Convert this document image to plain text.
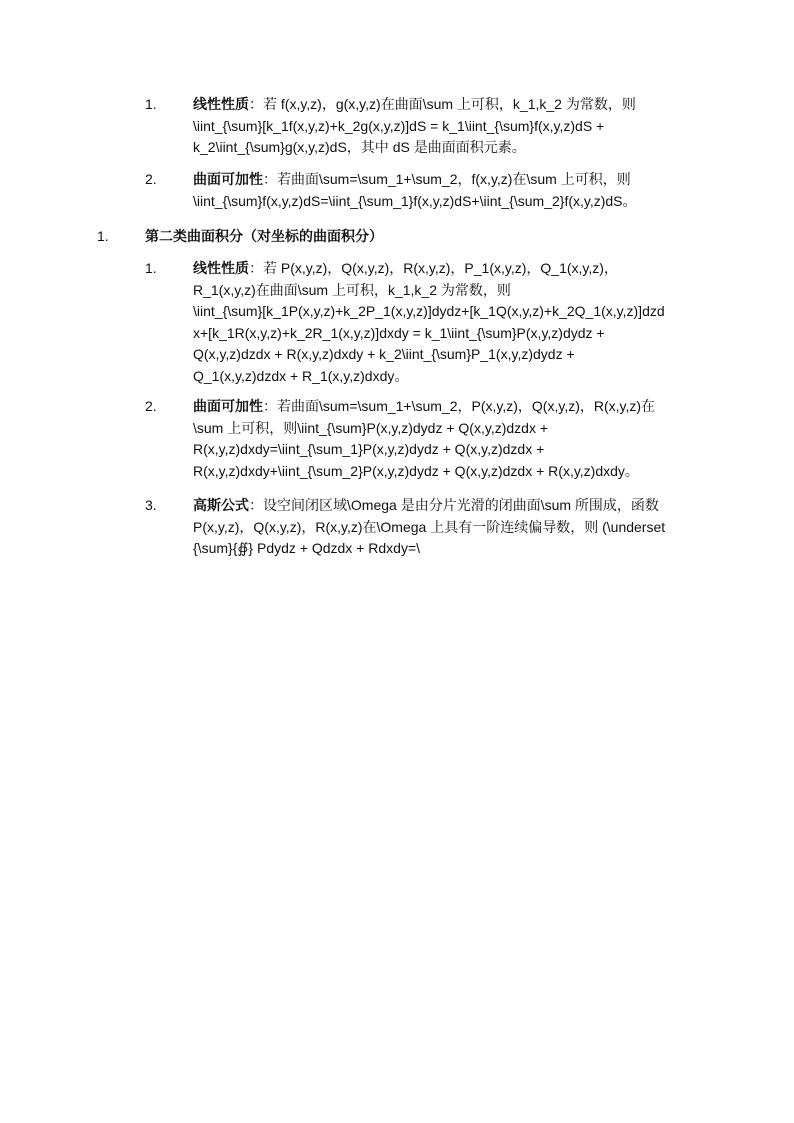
1.	线性性质：若 f(x,y,z)，g(x,y,z)在曲面\sum 上可积，k_1,k_2 为常数，则
\iint_{\sum}[k_1f(x,y,z)+k_2g(x,y,z)]dS = k_1\iint_{\sum}f(x,y,z)dS +
k_2\iint_{\sum}g(x,y,z)dS，其中 dS 是曲面面积元素。
2.	曲面可加性：若曲面\sum=\sum_1+\sum_2，f(x,y,z)在\sum 上可积，则
\iint_{\sum}f(x,y,z)dS=\iint_{\sum_1}f(x,y,z)dS+\iint_{\sum_2}f(x,y,z)dS。
1.	第二类曲面积分（对坐标的曲面积分）
1.	线性性质：若 P(x,y,z)，Q(x,y,z)，R(x,y,z)，P_1(x,y,z)，Q_1(x,y,z)，
R_1(x,y,z)在曲面\sum 上可积，k_1,k_2 为常数，则
\iint_{\sum}[k_1P(x,y,z)+k_2P_1(x,y,z)]dydz+[k_1Q(x,y,z)+k_2Q_1(x,y,z)]dzd
x+[k_1R(x,y,z)+k_2R_1(x,y,z)]dxdy = k_1\iint_{\sum}P(x,y,z)dydz +
Q(x,y,z)dzdx + R(x,y,z)dxdy + k_2\iint_{\sum}P_1(x,y,z)dydz +
Q_1(x,y,z)dzdx + R_1(x,y,z)dxdy。
2.	曲面可加性：若曲面\sum=\sum_1+\sum_2，P(x,y,z)，Q(x,y,z)，R(x,y,z)在
\sum 上可积，则\iint_{\sum}P(x,y,z)dydz + Q(x,y,z)dzdx +
R(x,y,z)dxdy=\iint_{\sum_1}P(x,y,z)dydz + Q(x,y,z)dzdx +
R(x,y,z)dxdy+\iint_{\sum_2}P(x,y,z)dydz + Q(x,y,z)dzdx + R(x,y,z)dxdy。
3.	高斯公式：设空间闭区域\Omega 是由分片光滑的闭曲面\sum 所围成，函数
P(x,y,z)，Q(x,y,z)，R(x,y,z)在\Omega 上具有一阶连续偏导数，则 (\underset
{\sum}{∯} Pdydz + Qdzdx + Rdxdy=\
